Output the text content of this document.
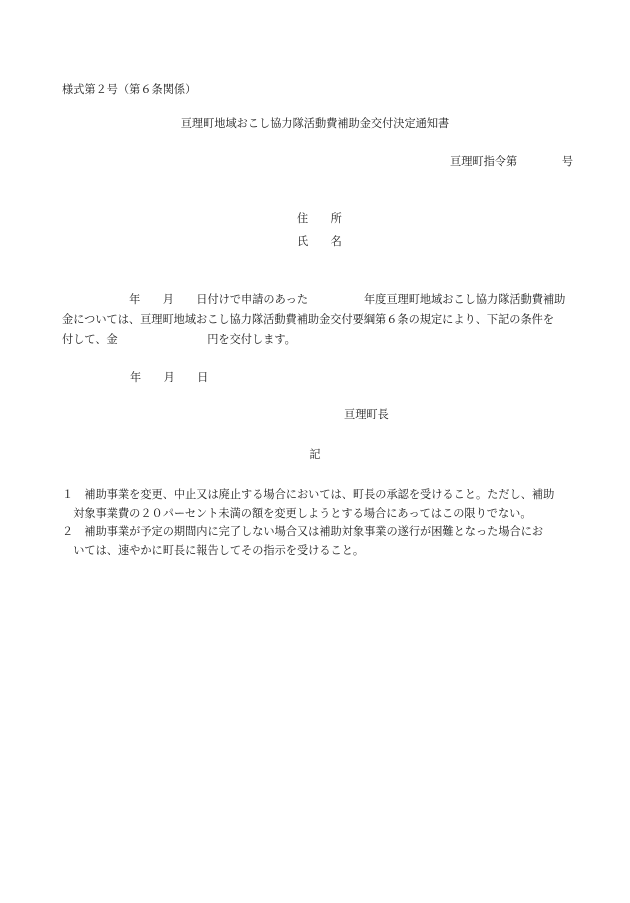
様式第２号（第６条関係）
亘理町地域おこし協力隊活動費補助金交付決定通知書
亘理町指令第　　　　号
住　　所
氏　　名
　　　　　　年　　月　　日付けで申請のあった　　　　　年度亘理町地域おこし協力隊活動費補助
金については、亘理町地域おこし協力隊活動費補助金交付要綱第６条の規定により、下記の条件を
付して、金　　　　　　　　円を交付します。
年　　月　　日
亘理町長
記
１　補助事業を変更、中止又は廃止する場合においては、町長の承認を受けること。ただし、補助
　対象事業費の２０パーセント未満の額を変更しようとする場合にあってはこの限りでない。
２　補助事業が予定の期間内に完了しない場合又は補助対象事業の遂行が困難となった場合にお
　いては、速やかに町長に報告してその指示を受けること。
